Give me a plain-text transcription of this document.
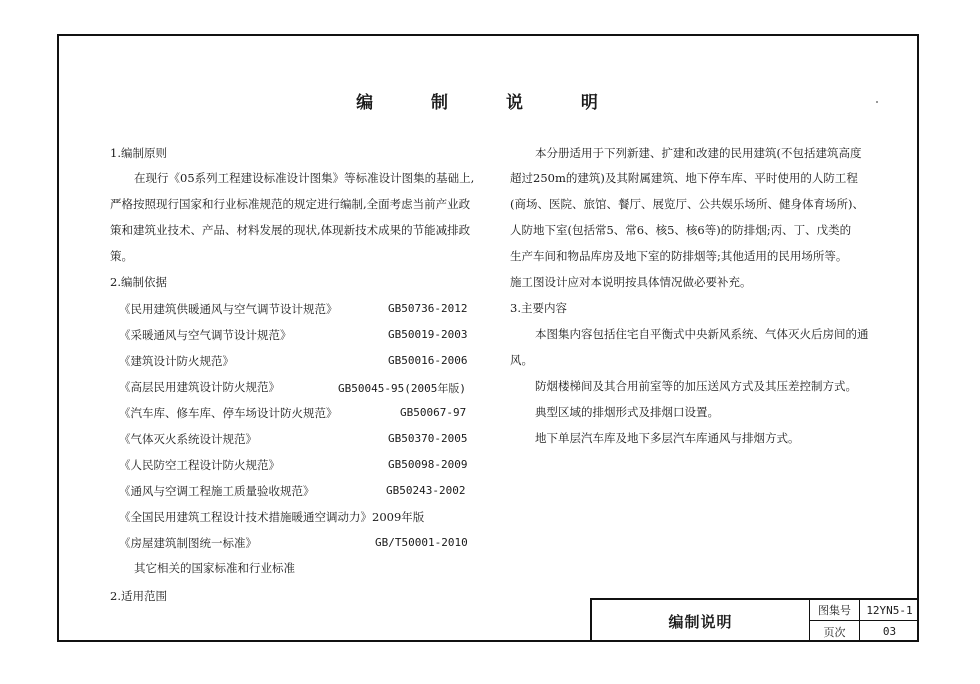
编 制 说 明
1.编制原则
在现行《05系列工程建设标准设计图集》等标准设计图集的基础上,
严格按照现行国家和行业标准规范的规定进行编制,全面考虑当前产业政
策和建筑业技术、产品、材料发展的现状,体现新技术成果的节能减排政
策。
2.编制依据
《民用建筑供暖通风与空气调节设计规范》	GB50736-2012
《采暖通风与空气调节设计规范》	GB50019-2003
《建筑设计防火规范》	GB50016-2006
《高层民用建筑设计防火规范》	GB50045-95(2005年版)
《汽车库、修车库、停车场设计防火规范》	GB50067-97
《气体灭火系统设计规范》	GB50370-2005
《人民防空工程设计防火规范》	GB50098-2009
《通风与空调工程施工质量验收规范》	GB50243-2002
《全国民用建筑工程设计技术措施暖通空调动力》2009年版
《房屋建筑制图统一标准》	GB/T50001-2010
其它相关的国家标准和行业标准
2.适用范围
本分册适用于下列新建、扩建和改建的民用建筑(不包括建筑高度
超过250m的建筑)及其附属建筑、地下停车库、平时使用的人防工程
(商场、医院、旅馆、餐厅、展览厅、公共娱乐场所、健身体育场所)、
人防地下室(包括常5、常6、核5、核6等)的防排烟;丙、丁、戊类的
生产车间和物品库房及地下室的防排烟等;其他适用的民用场所等。
施工图设计应对本说明按具体情况做必要补充。
3.主要内容
本图集内容包括住宅自平衡式中央新风系统、气体灭火后房间的通
风。
防烟楼梯间及其合用前室等的加压送风方式及其压差控制方式。
典型区域的排烟形式及排烟口设置。
地下单层汽车库及地下多层汽车库通风与排烟方式。
编制说明
图集号	12YN5-1
页次	03
